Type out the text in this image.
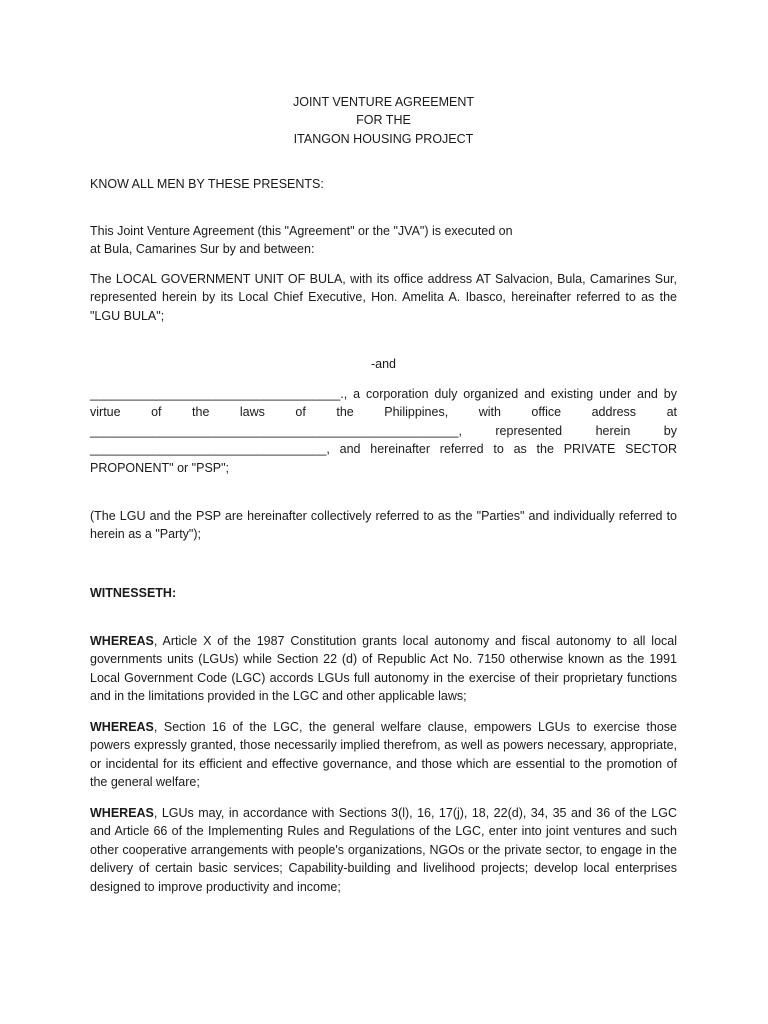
JOINT VENTURE AGREEMENT
FOR THE
ITANGON HOUSING PROJECT
KNOW ALL MEN BY THESE PRESENTS:
This Joint Venture Agreement (this "Agreement" or the "JVA") is executed on
at Bula, Camarines Sur by and between:

The LOCAL GOVERNMENT UNIT OF BULA, with its office address AT Salvacion, Bula, Camarines Sur, represented herein by its Local Chief Executive, Hon. Amelita A. Ibasco, hereinafter referred to as the "LGU BULA";

-and
____________________________________., a corporation duly organized and existing under and by
virtue of the laws of the Philippines, with office address at
_____________________________________________________, represented herein by
__________________________________, and hereinafter referred to as the PRIVATE SECTOR
PROPONENT" or "PSP";

(The LGU and the PSP are hereinafter collectively referred to as the "Parties" and individually referred to herein as a "Party");

WITNESSETH:

WHEREAS, Article X of the 1987 Constitution grants local autonomy and fiscal autonomy to all local governments units (LGUs) while Section 22 (d) of Republic Act No. 7150 otherwise known as the 1991 Local Government Code (LGC) accords LGUs full autonomy in the exercise of their proprietary functions and in the limitations provided in the LGC and other applicable laws;

WHEREAS, Section 16 of the LGC, the general welfare clause, empowers LGUs to exercise those powers expressly granted, those necessarily implied therefrom, as well as powers necessary, appropriate, or incidental for its efficient and effective governance, and those which are essential to the promotion of the general welfare;

WHEREAS, LGUs may, in accordance with Sections 3(l), 16, 17(j), 18, 22(d), 34, 35 and 36 of the LGC and Article 66 of the Implementing Rules and Regulations of the LGC, enter into joint ventures and such other cooperative arrangements with people's organizations, NGOs or the private sector, to engage in the delivery of certain basic services; Capability-building and livelihood projects; develop local enterprises designed to improve productivity and income;
